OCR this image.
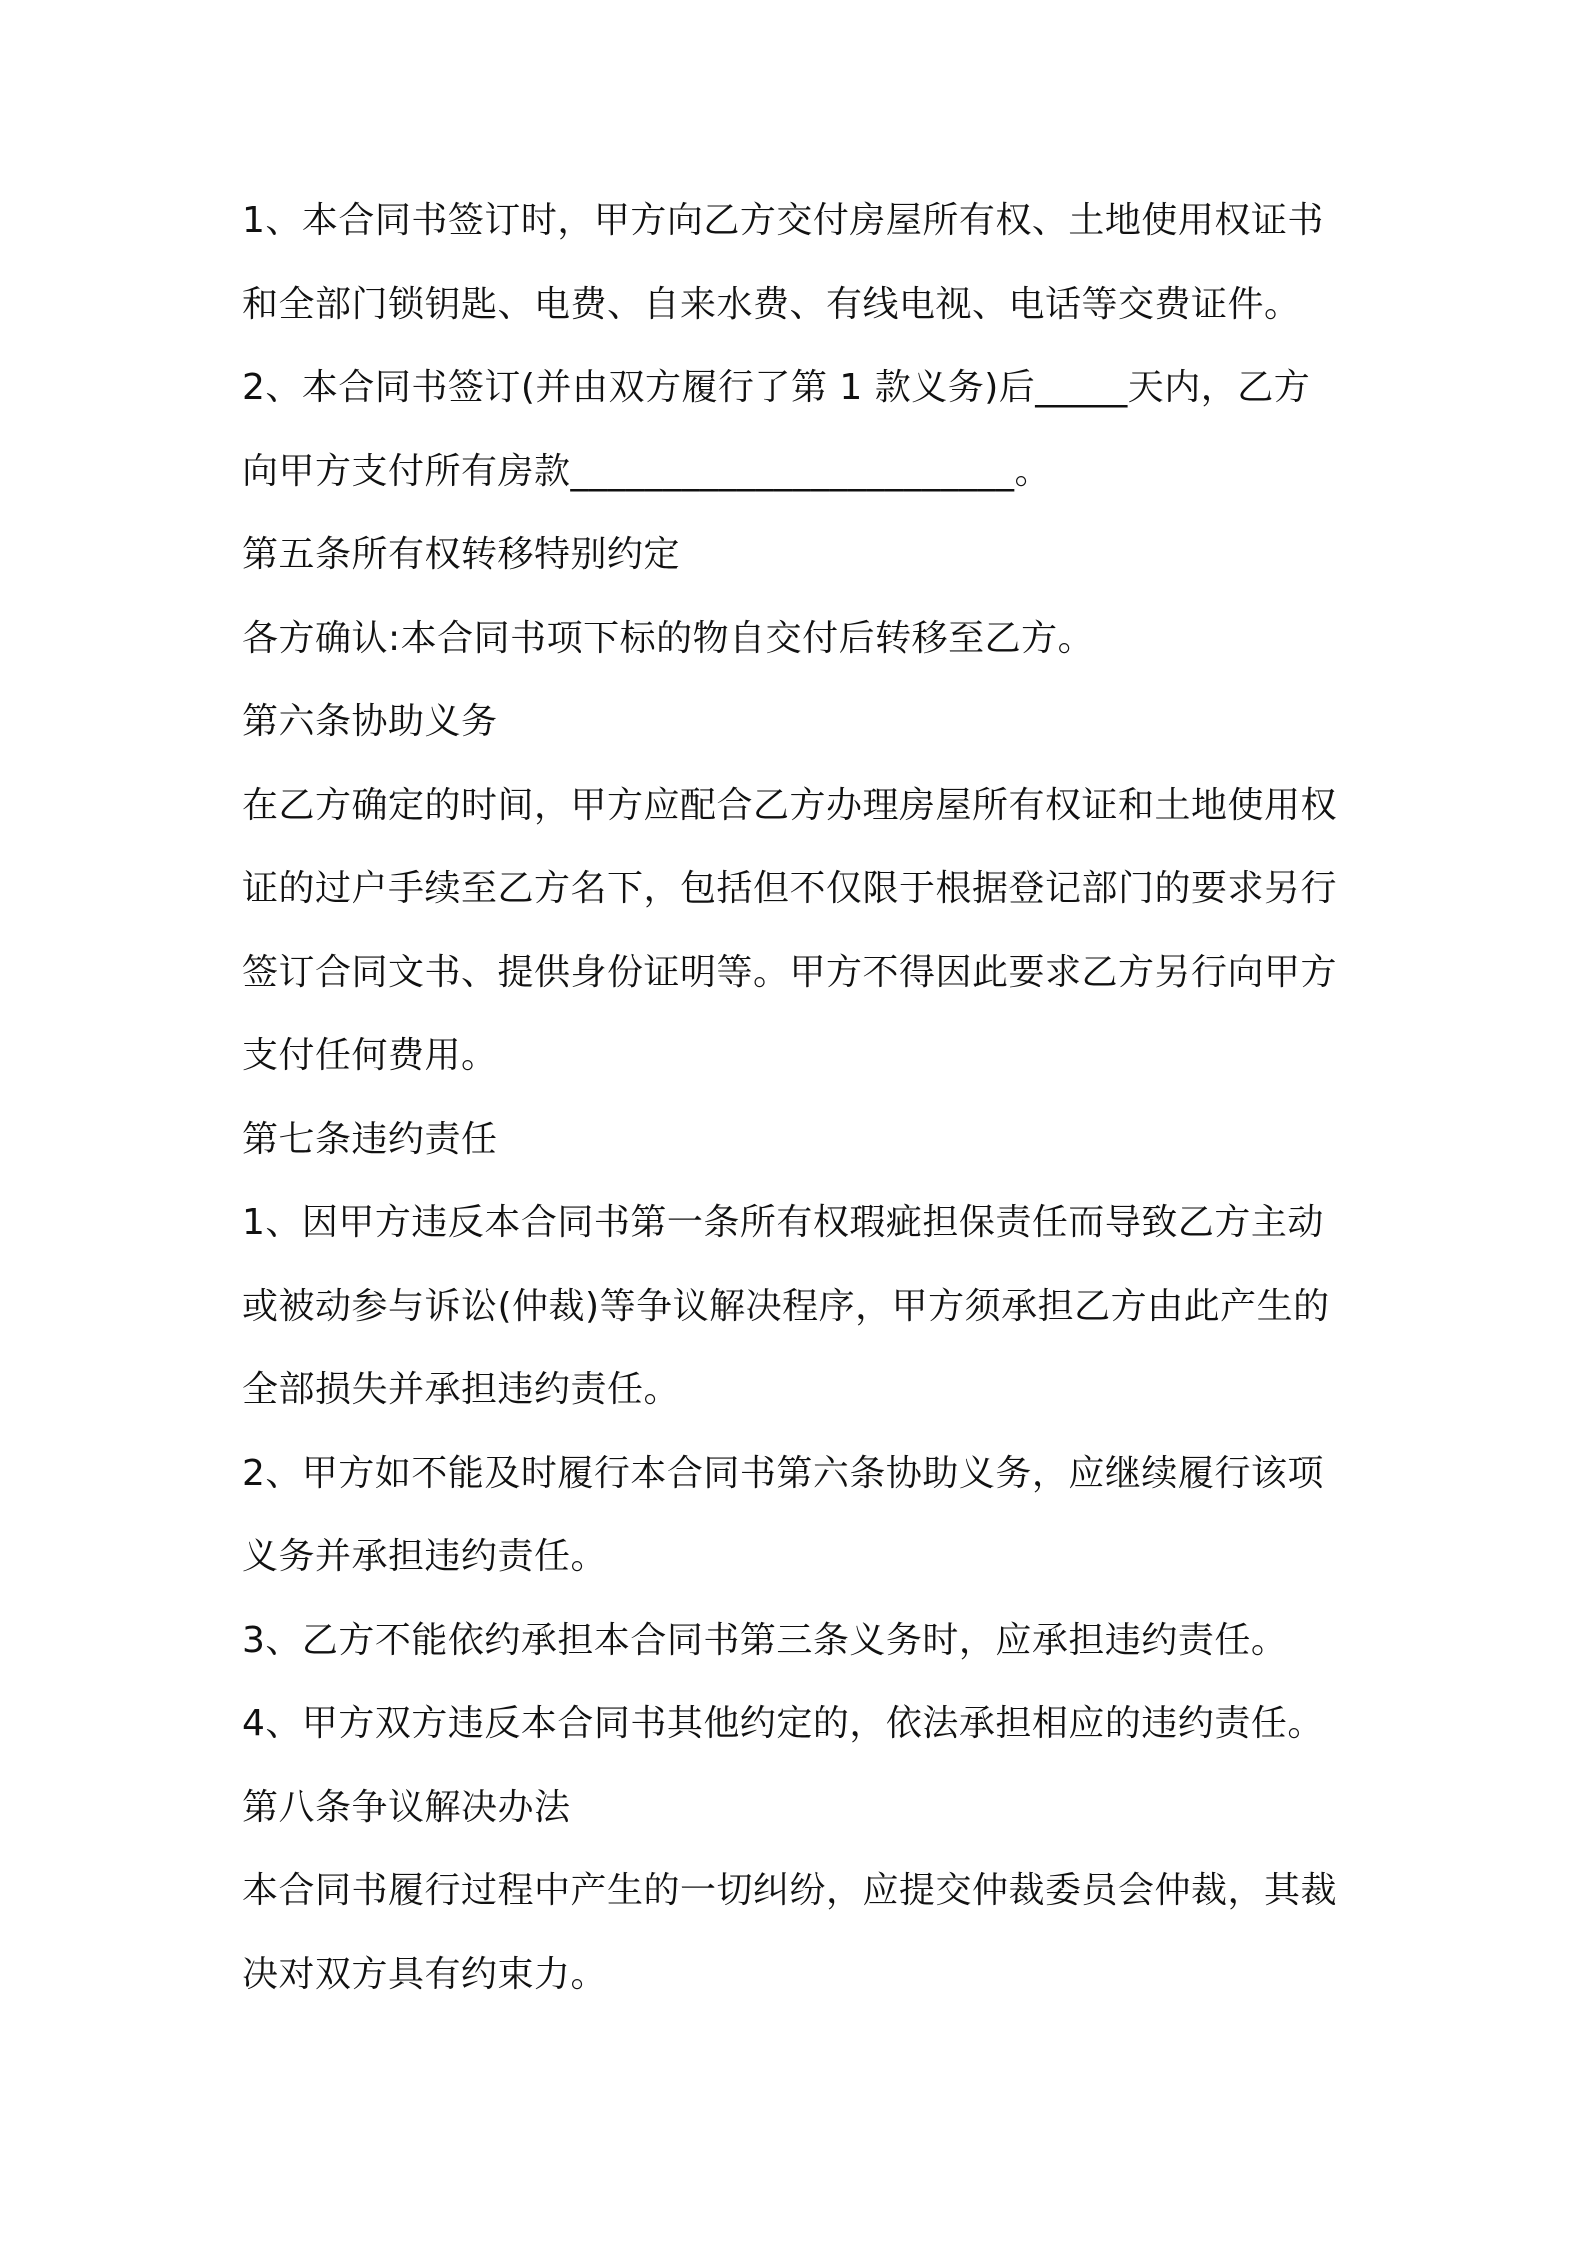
1、本合同书签订时，甲方向乙方交付房屋所有权、土地使用权证书
和全部门锁钥匙、电费、自来水费、有线电视、电话等交费证件。
2、本合同书签订(并由双方履行了第 1 款义务)后_____天内，乙方
向甲方支付所有房款________________________。
第五条所有权转移特别约定
各方确认:本合同书项下标的物自交付后转移至乙方。
第六条协助义务
在乙方确定的时间，甲方应配合乙方办理房屋所有权证和土地使用权
证的过户手续至乙方名下，包括但不仅限于根据登记部门的要求另行
签订合同文书、提供身份证明等。甲方不得因此要求乙方另行向甲方
支付任何费用。
第七条违约责任
1、因甲方违反本合同书第一条所有权瑕疵担保责任而导致乙方主动
或被动参与诉讼(仲裁)等争议解决程序，甲方须承担乙方由此产生的
全部损失并承担违约责任。
2、甲方如不能及时履行本合同书第六条协助义务，应继续履行该项
义务并承担违约责任。
3、乙方不能依约承担本合同书第三条义务时，应承担违约责任。
4、甲方双方违反本合同书其他约定的，依法承担相应的违约责任。
第八条争议解决办法
本合同书履行过程中产生的一切纠纷，应提交仲裁委员会仲裁，其裁
决对双方具有约束力。
